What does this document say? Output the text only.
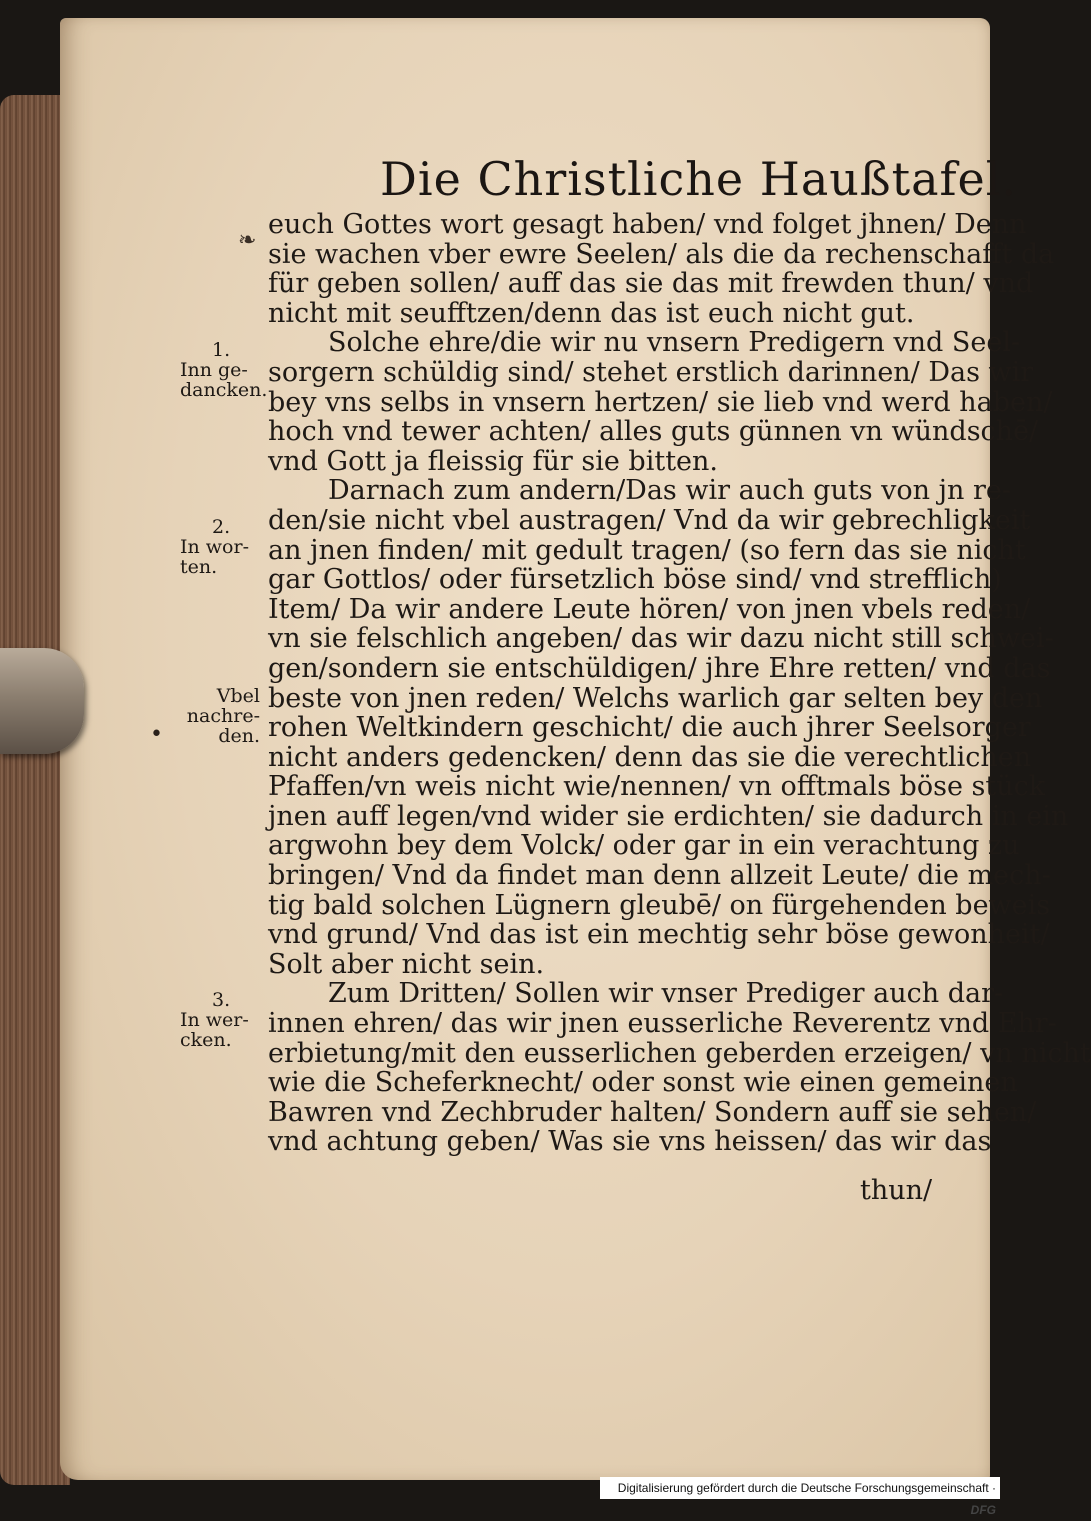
Die Christliche Haußtafel.
❧
•
euch Gottes wort gesagt haben/ vnd folget jhnen/ Denn
sie wachen vber ewre Seelen/ als die da rechenschafft da
für geben sollen/ auff das sie das mit frewden thun/ vnd
nicht mit seufftzen/denn das ist euch nicht gut.
Solche ehre/die wir nu vnsern Predigern vnd Seel-
sorgern schüldig sind/ stehet erstlich darinnen/ Das wir
bey vns selbs in vnsern hertzen/ sie lieb vnd werd haben/
hoch vnd tewer achten/ alles guts günnen vn wündschē/
vnd Gott ja fleissig für sie bitten.
Darnach zum andern/Das wir auch guts von jn re-
den/sie nicht vbel austragen/ Vnd da wir gebrechligkeit
an jnen finden/ mit gedult tragen/ (so fern das sie nicht
gar Gottlos/ oder fürsetzlich böse sind/ vnd strefflich)
Item/ Da wir andere Leute hören/ von jnen vbels reden/
vn sie felschlich angeben/ das wir dazu nicht still schwei-
gen/sondern sie entschüldigen/ jhre Ehre retten/ vnd das
beste von jnen reden/ Welchs warlich gar selten bey den
rohen Weltkindern geschicht/ die auch jhrer Seelsorger
nicht anders gedencken/ denn das sie die verechtlichen
Pfaffen/vn weis nicht wie/nennen/ vn offtmals böse stück
jnen auff legen/vnd wider sie erdichten/ sie dadurch in ein
argwohn bey dem Volck/ oder gar in ein verachtung zu
bringen/ Vnd da findet man denn allzeit Leute/ die mech-
tig bald solchen Lügnern gleubē/ on fürgehenden beweis
vnd grund/ Vnd das ist ein mechtig sehr böse gewonheit/
Solt aber nicht sein.
Zum Dritten/ Sollen wir vnser Prediger auch dar-
innen ehren/ das wir jnen eusserliche Reverentz vnd Ehr-
erbietung/mit den eusserlichen geberden erzeigen/ vn nicht
wie die Scheferknecht/ oder sonst wie einen gemeinen
Bawren vnd Zechbruder halten/ Sondern auff sie sehen/
vnd achtung geben/ Was sie vns heissen/ das wir das
thun/
1.
Inn ge-
dancken.
2.
In wor-
ten.
Vbel
nachre-
den.
3.
In wer-
cken.
Digitalisierung gefördert durch die Deutsche Forschungsgemeinschaft · DFG
